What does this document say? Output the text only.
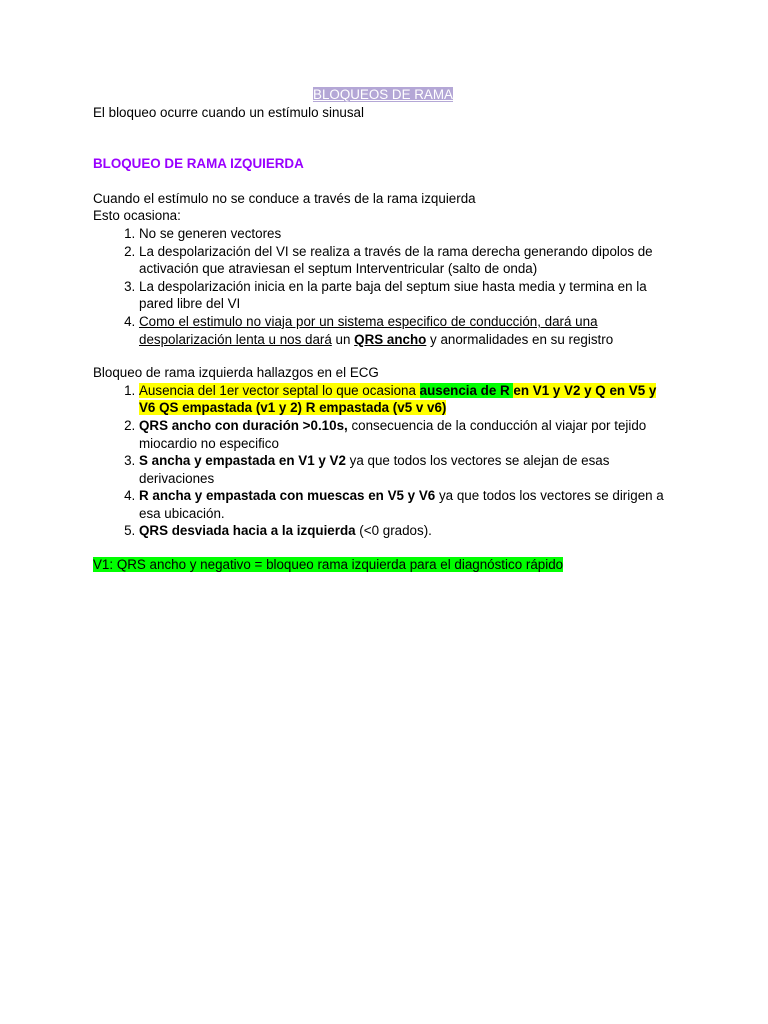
BLOQUEOS DE RAMA

El bloqueo ocurre cuando un estímulo sinusal

BLOQUEO DE RAMA IZQUIERDA

Cuando el estímulo no se conduce a través de la rama izquierda

Esto ocasiona:

1. No se generen vectores
2. La despolarización del VI se realiza a través de la rama derecha generando dipolos de activación que atraviesan el septum Interventricular (salto de onda)
3. La despolarización inicia en la parte baja del septum siue hasta media y termina en la pared libre del VI
4. Como el estimulo no viaja por un sistema especifico de conducción, dará una despolarización lenta u nos dará un QRS ancho y anormalidades en su registro

Bloqueo de rama izquierda hallazgos en el ECG

1. Ausencia del 1er vector septal lo que ocasiona ausencia de R en V1 y V2 y Q en V5 y V6 QS empastada (v1 y 2) R empastada (v5 v v6)
2. QRS ancho con duración >0.10s, consecuencia de la conducción al viajar por tejido miocardio no especifico
3. S ancha y empastada en V1 y V2 ya que todos los vectores se alejan de esas derivaciones
4. R ancha y empastada con muescas en V5 y V6 ya que todos los vectores se dirigen a esa ubicación.
5. QRS desviada hacia a la izquierda (<0 grados).

V1: QRS ancho y negativo = bloqueo rama izquierda para el diagnóstico rápido
